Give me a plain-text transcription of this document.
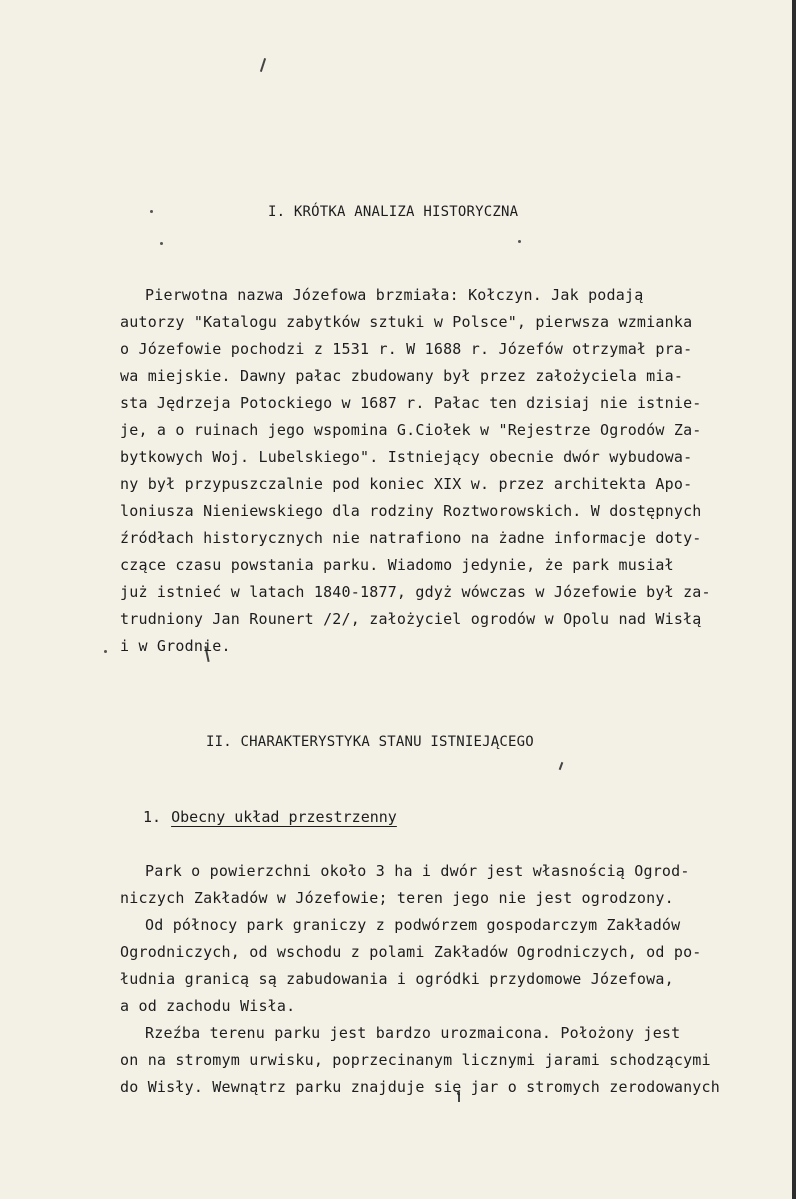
I. KRÓTKA ANALIZA HISTORYCZNA
Pierwotna nazwa Józefowa brzmiała: Kołczyn. Jak podają
autorzy "Katalogu zabytków sztuki w Polsce", pierwsza wzmianka
o Józefowie pochodzi z 1531 r. W 1688 r. Józefów otrzymał pra-
wa miejskie. Dawny pałac zbudowany był przez założyciela mia-
sta Jędrzeja Potockiego w 1687 r. Pałac ten dzisiaj nie istnie-
je, a o ruinach jego wspomina G.Ciołek w "Rejestrze Ogrodów Za-
bytkowych Woj. Lubelskiego". Istniejący obecnie dwór wybudowa-
ny był przypuszczalnie pod koniec XIX w. przez architekta Apo-
loniusza Nieniewskiego dla rodziny Roztworowskich. W dostępnych
źródłach historycznych nie natrafiono na żadne informacje doty-
czące czasu powstania parku. Wiadomo jedynie, że park musiał
już istnieć w latach 1840-1877, gdyż wówczas w Józefowie był za-
trudniony Jan Rounert /2/, założyciel ogrodów w Opolu nad Wisłą
i w Grodnie.
II. CHARAKTERYSTYKA STANU ISTNIEJĄCEGO
1. Obecny układ przestrzenny
Park o powierzchni około 3 ha i dwór jest własnością Ogrod-
niczych Zakładów w Józefowie; teren jego nie jest ogrodzony.
Od północy park graniczy z podwórzem gospodarczym Zakładów
Ogrodniczych, od wschodu z polami Zakładów Ogrodniczych, od po-
łudnia granicą są zabudowania i ogródki przydomowe Józefowa,
a od zachodu Wisła.
Rzeźba terenu parku jest bardzo urozmaicona. Położony jest
on na stromym urwisku, poprzecinanym licznymi jarami schodzącymi
do Wisły. Wewnątrz parku znajduje się jar o stromych zerodowanych
